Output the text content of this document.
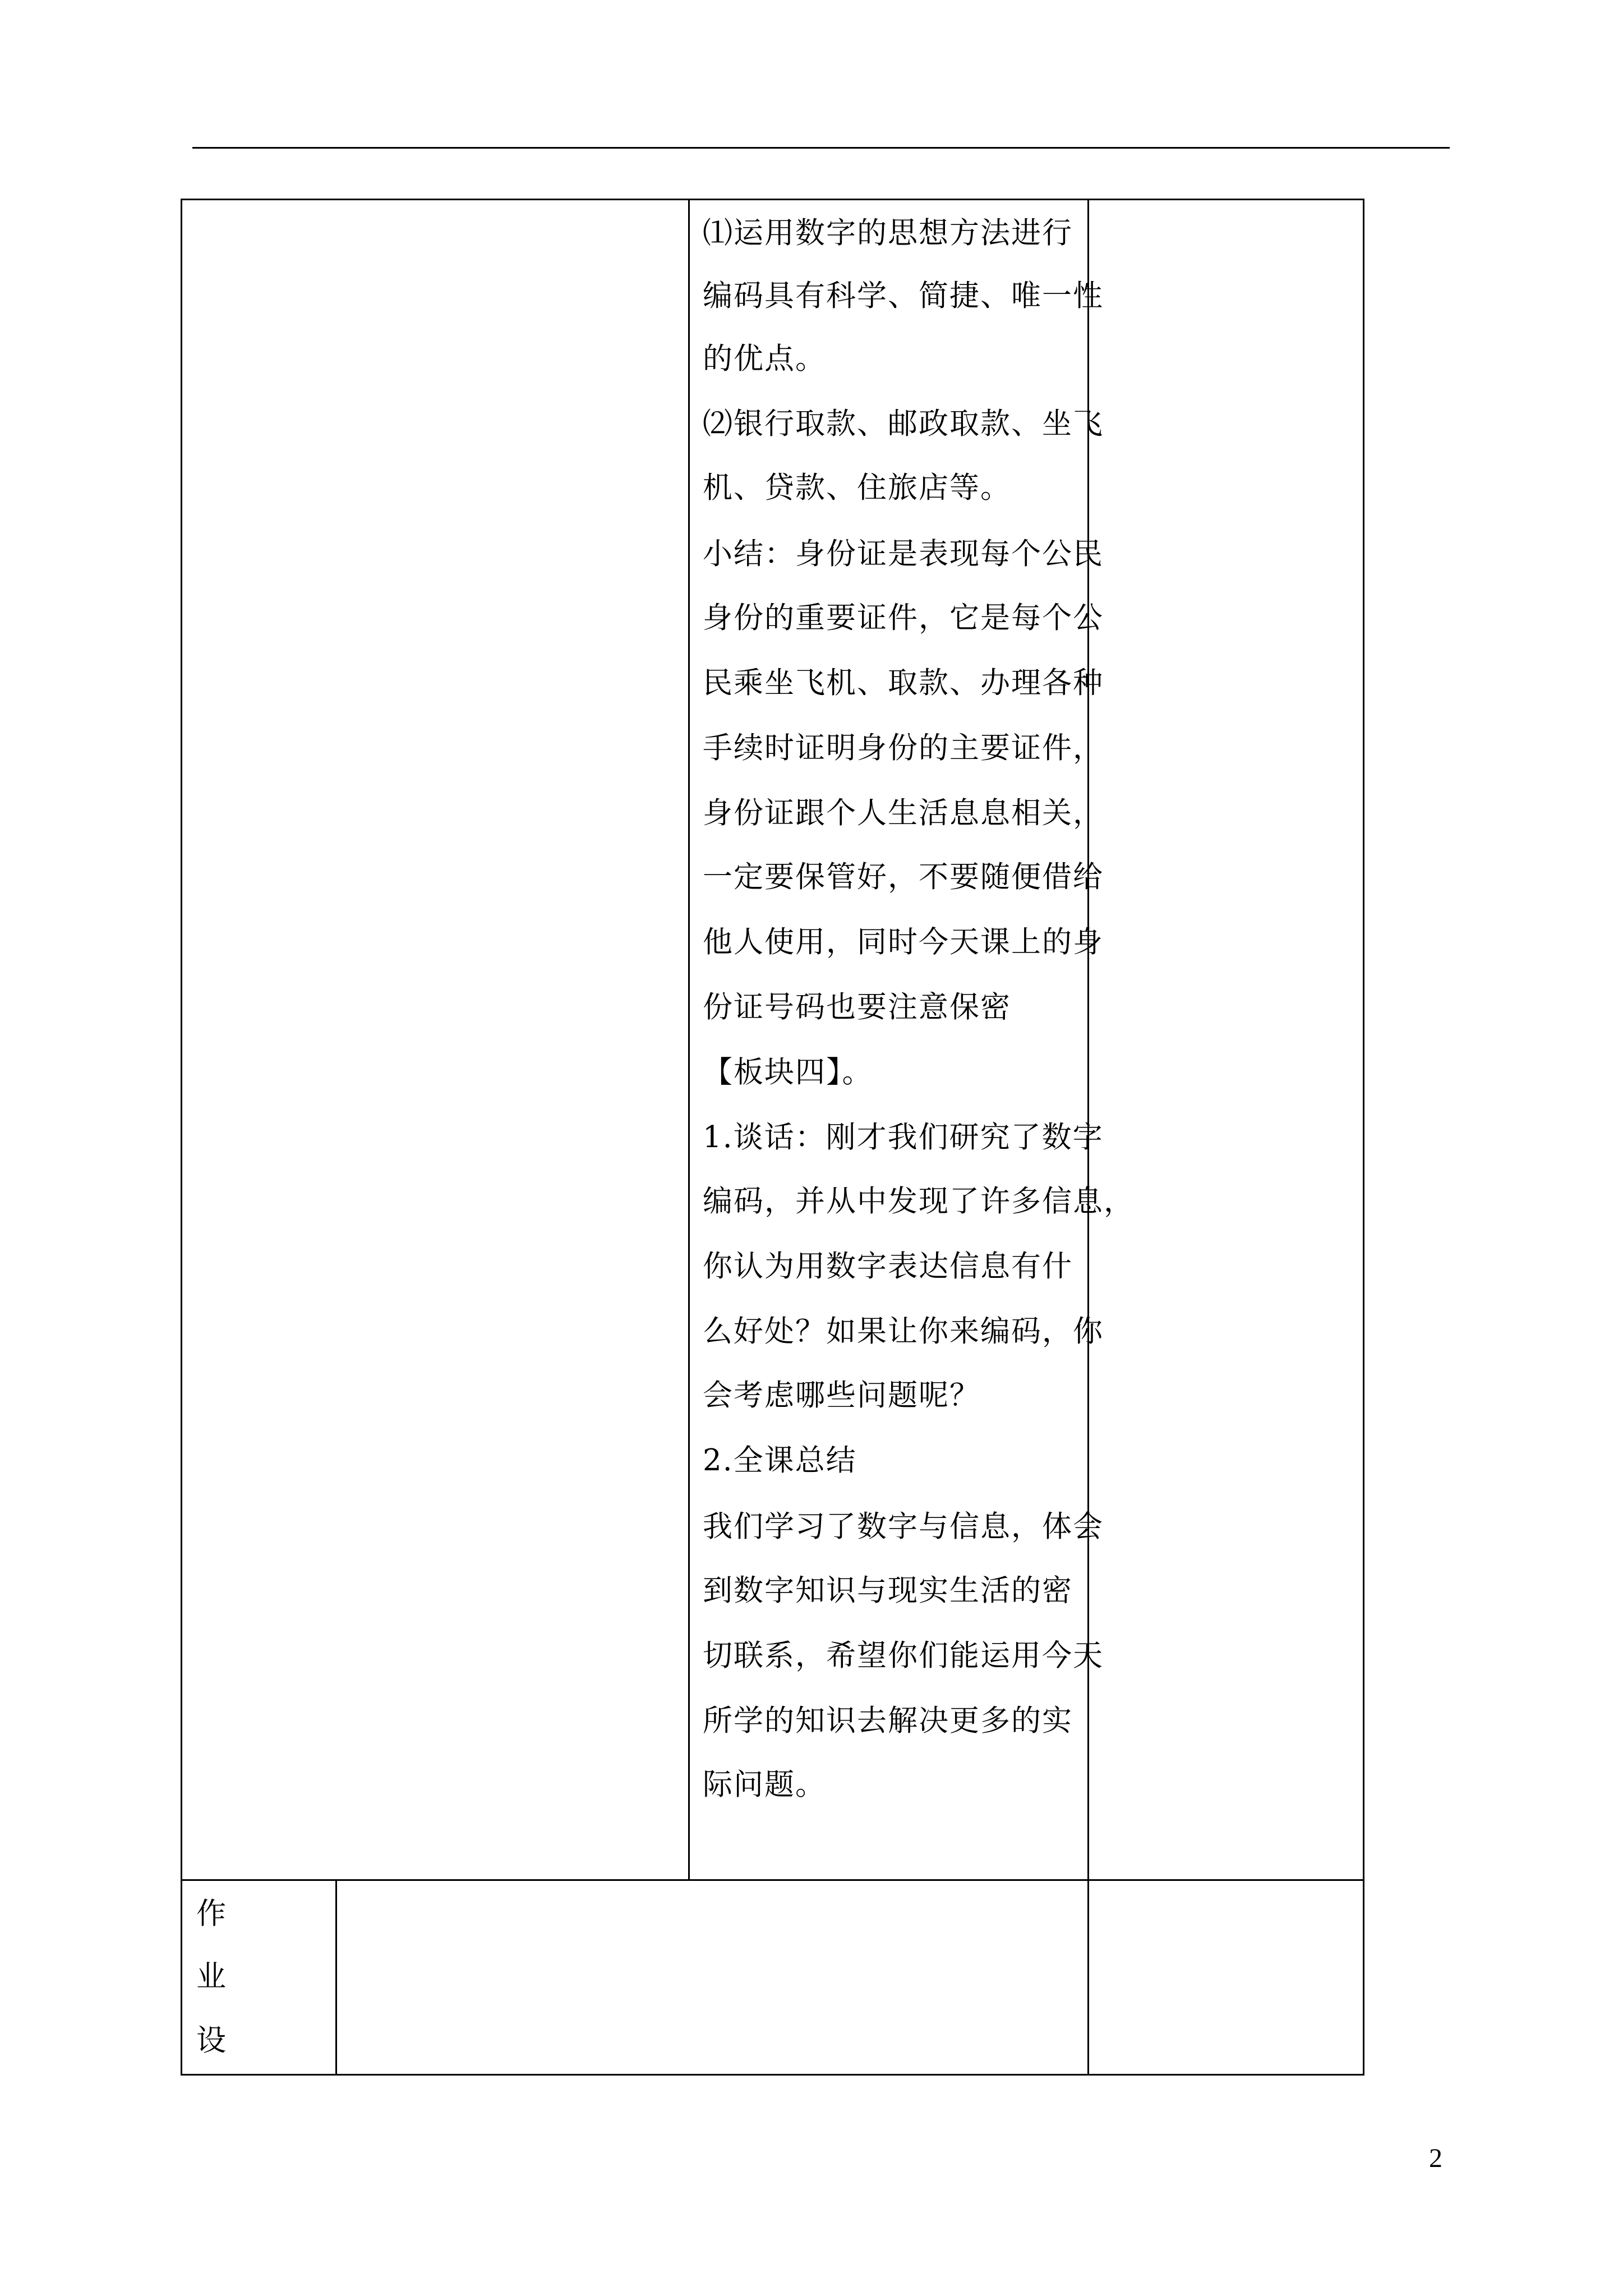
⑴运用数字的思想方法进行
编码具有科学、简捷、唯一性
的优点。
⑵银行取款、邮政取款、坐飞
机、贷款、住旅店等。
小结：身份证是表现每个公民
身份的重要证件，它是每个公
民乘坐飞机、取款、办理各种
手续时证明身份的主要证件，
身份证跟个人生活息息相关，
一定要保管好，不要随便借给
他人使用，同时今天课上的身
份证号码也要注意保密
【板块四】。
1.谈话：刚才我们研究了数字
编码，并从中发现了许多信息，
你认为用数字表达信息有什
么好处？如果让你来编码，你
会考虑哪些问题呢？
2.全课总结
我们学习了数字与信息，体会
到数字知识与现实生活的密
切联系，希望你们能运用今天
所学的知识去解决更多的实
际问题。
作
业
设
2
